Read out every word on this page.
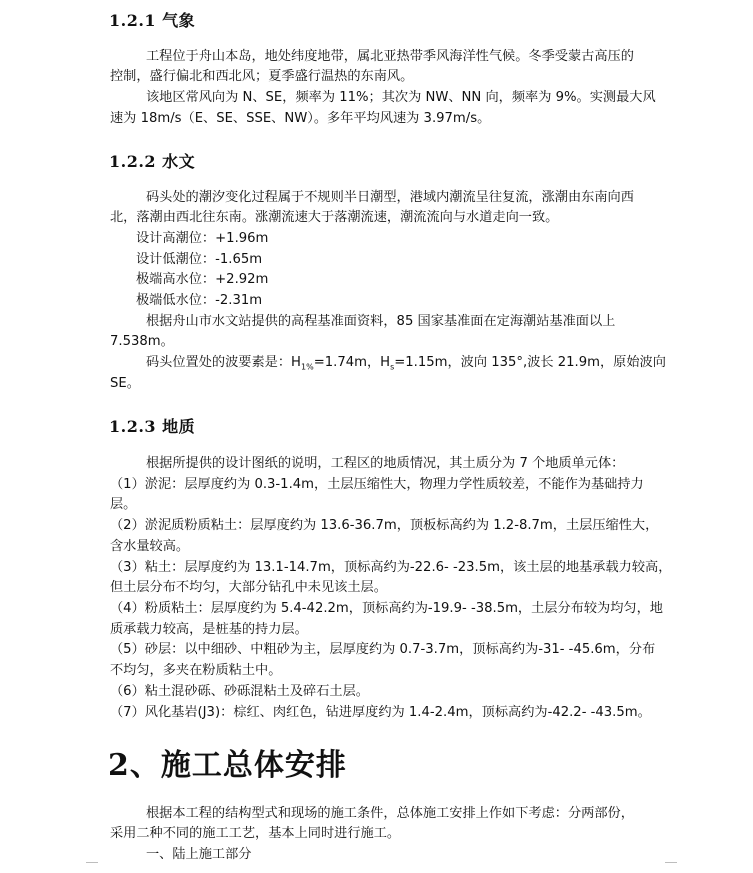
1.2.1 气象
工程位于舟山本岛，地处纬度地带，属北亚热带季风海洋性气候。冬季受蒙古高压的
控制，盛行偏北和西北风；夏季盛行温热的东南风。
该地区常风向为 N、SE，频率为 11%；其次为 NW、NN 向，频率为 9%。实测最大风
速为 18m/s（E、SE、SSE、NW）。多年平均风速为 3.97m/s。
1.2.2 水文
码头处的潮汐变化过程属于不规则半日潮型，港域内潮流呈往复流，涨潮由东南向西
北，落潮由西北往东南。涨潮流速大于落潮流速，潮流流向与水道走向一致。
设计高潮位：+1.96m
设计低潮位：-1.65m
极端高水位：+2.92m
极端低水位：-2.31m
根据舟山市水文站提供的高程基准面资料，85 国家基准面在定海潮站基准面以上
7.538m。
码头位置处的波要素是：$H_{1\%}=1.74m$，$H_s=1.15m$，波向 135°,波长 21.9m，原始波向
SE。
1.2.3 地质
根据所提供的设计图纸的说明，工程区的地质情况，其土质分为 7 个地质单元体：
（1）淤泥：层厚度约为 0.3-1.4m，土层压缩性大，物理力学性质较差，不能作为基础持力
层。
（2）淤泥质粉质粘土：层厚度约为 13.6-36.7m，顶板标高约为 1.2-8.7m，土层压缩性大，
含水量较高。
（3）粘土：层厚度约为 13.1-14.7m，顶标高约为-22.6- -23.5m，该土层的地基承载力较高，
但土层分布不均匀，大部分钻孔中未见该土层。
（4）粉质粘土：层厚度约为 5.4-42.2m，顶标高约为-19.9- -38.5m，土层分布较为均匀，地
质承载力较高，是桩基的持力层。
（5）砂层：以中细砂、中粗砂为主，层厚度约为 0.7-3.7m，顶标高约为-31- -45.6m，分布
不均匀，多夹在粉质粘土中。
（6）粘土混砂砾、砂砾混粘土及碎石土层。
（7）风化基岩(J3)：棕红、肉红色，钻进厚度约为 1.4-2.4m，顶标高约为-42.2- -43.5m。
2、施工总体安排
根据本工程的结构型式和现场的施工条件，总体施工安排上作如下考虑：分两部份，
采用二种不同的施工工艺，基本上同时进行施工。
一、陆上施工部分
